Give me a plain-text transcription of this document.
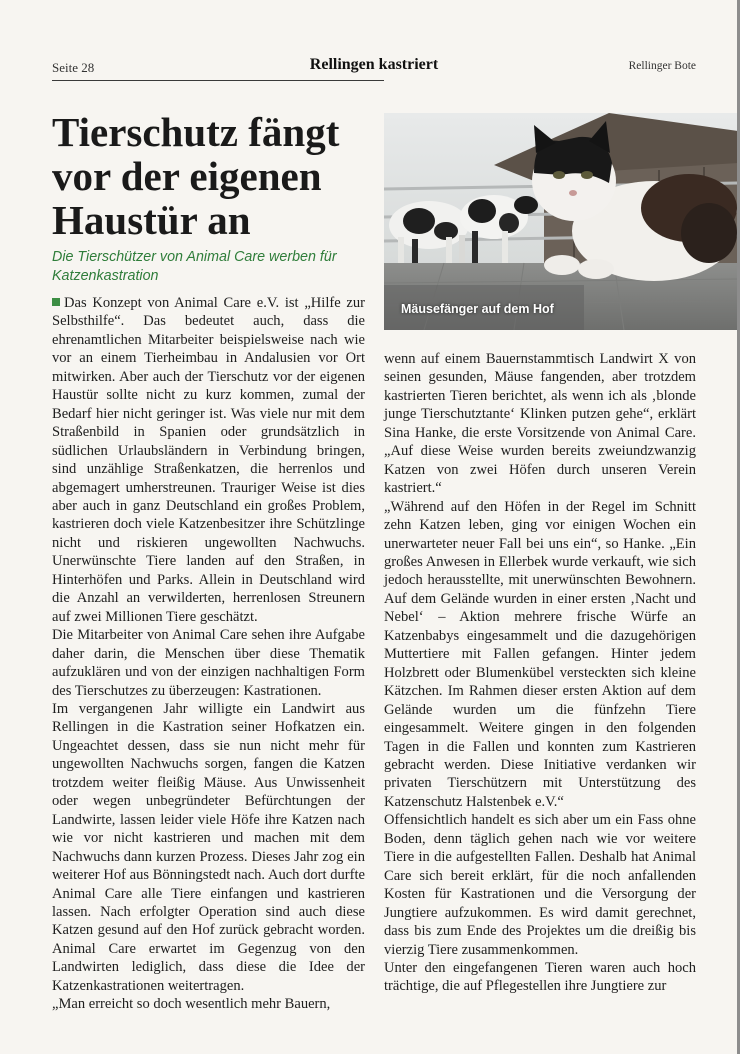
Seite 28	Rellingen kastriert	Rellinger Bote
Tierschutz fängt vor der eigenen Haustür an
Die Tierschützer von Animal Care werben für Katzenkastration
Mäusefänger auf dem Hof

Das Konzept von Animal Care e.V. ist „Hilfe zur Selbsthilfe“. Das bedeutet auch, dass die ehrenamtlichen Mitarbeiter beispielsweise nach wie vor an einem Tierheimbau in Andalusien vor Ort mitwirken. Aber auch der Tierschutz vor der eigenen Haustür sollte nicht zu kurz kommen, zumal der Bedarf hier nicht geringer ist. Was viele nur mit dem Straßenbild in Spanien oder grundsätzlich in südlichen Urlaubsländern in Verbindung bringen, sind unzählige Straßenkatzen, die herrenlos und abgemagert umherstreunen. Trauriger Weise ist dies aber auch in ganz Deutschland ein großes Problem, kastrieren doch viele Katzenbesitzer ihre Schützlinge nicht und riskieren ungewollten Nachwuchs. Unerwünschte Tiere landen auf den Straßen, in Hinterhöfen und Parks. Allein in Deutschland wird die Anzahl an verwilderten, herrenlosen Streunern auf zwei Millionen Tiere geschätzt.

Die Mitarbeiter von Animal Care sehen ihre Aufgabe daher darin, die Menschen über diese Thematik aufzuklären und von der einzigen nachhaltigen Form des Tierschutzes zu überzeugen: Kastrationen.

Im vergangenen Jahr willigte ein Landwirt aus Rellingen in die Kastration seiner Hofkatzen ein. Ungeachtet dessen, dass sie nun nicht mehr für ungewollten Nachwuchs sorgen, fangen die Katzen trotzdem weiter fleißig Mäuse. Aus Unwissenheit oder wegen unbegründeter Befürchtungen der Landwirte, lassen leider viele Höfe ihre Katzen nach wie vor nicht kastrieren und machen mit dem Nachwuchs dann kurzen Prozess. Dieses Jahr zog ein weiterer Hof aus Bönningstedt nach. Auch dort durfte Animal Care alle Tiere einfangen und kastrieren lassen. Nach erfolgter Operation sind auch diese Katzen gesund auf den Hof zurück gebracht worden. Animal Care erwartet im Gegenzug von den Landwirten lediglich, dass diese die Idee der Katzenkastrationen weitertragen.

„Man erreicht so doch wesentlich mehr Bauern,

wenn auf einem Bauernstammtisch Landwirt X von seinen gesunden, Mäuse fangenden, aber trotzdem kastrierten Tieren berichtet, als wenn ich als ‚blonde junge Tierschutztante‘ Klinken putzen gehe“, erklärt Sina Hanke, die erste Vorsitzende von Animal Care. „Auf diese Weise wurden bereits zweiundzwanzig Katzen von zwei Höfen durch unseren Verein kastriert.“

„Während auf den Höfen in der Regel im Schnitt zehn Katzen leben, ging vor einigen Wochen ein unerwarteter neuer Fall bei uns ein“, so Hanke. „Ein großes Anwesen in Ellerbek wurde verkauft, wie sich jedoch herausstellte, mit unerwünschten Bewohnern. Auf dem Gelände wurden in einer ersten ‚Nacht und Nebel‘ – Aktion mehrere frische Würfe an Katzenbabys eingesammelt und die dazugehörigen Muttertiere mit Fallen gefangen. Hinter jedem Holzbrett oder Blumenkübel versteckten sich kleine Kätzchen. Im Rahmen dieser ersten Aktion auf dem Gelände wurden um die fünfzehn Tiere eingesammelt. Weitere gingen in den folgenden Tagen in die Fallen und konnten zum Kastrieren gebracht werden. Diese Initiative verdanken wir privaten Tierschützern mit Unterstützung des Katzenschutz Halstenbek e.V.“

Offensichtlich handelt es sich aber um ein Fass ohne Boden, denn täglich gehen nach wie vor weitere Tiere in die aufgestellten Fallen. Deshalb hat Animal Care sich bereit erklärt, für die noch anfallenden Kosten für Kastrationen und die Versorgung der Jungtiere aufzukommen. Es wird damit gerechnet, dass bis zum Ende des Projektes um die dreißig bis vierzig Tiere zusammenkommen.

Unter den eingefangenen Tieren waren auch hoch trächtige, die auf Pflegestellen ihre Jungtiere zur
